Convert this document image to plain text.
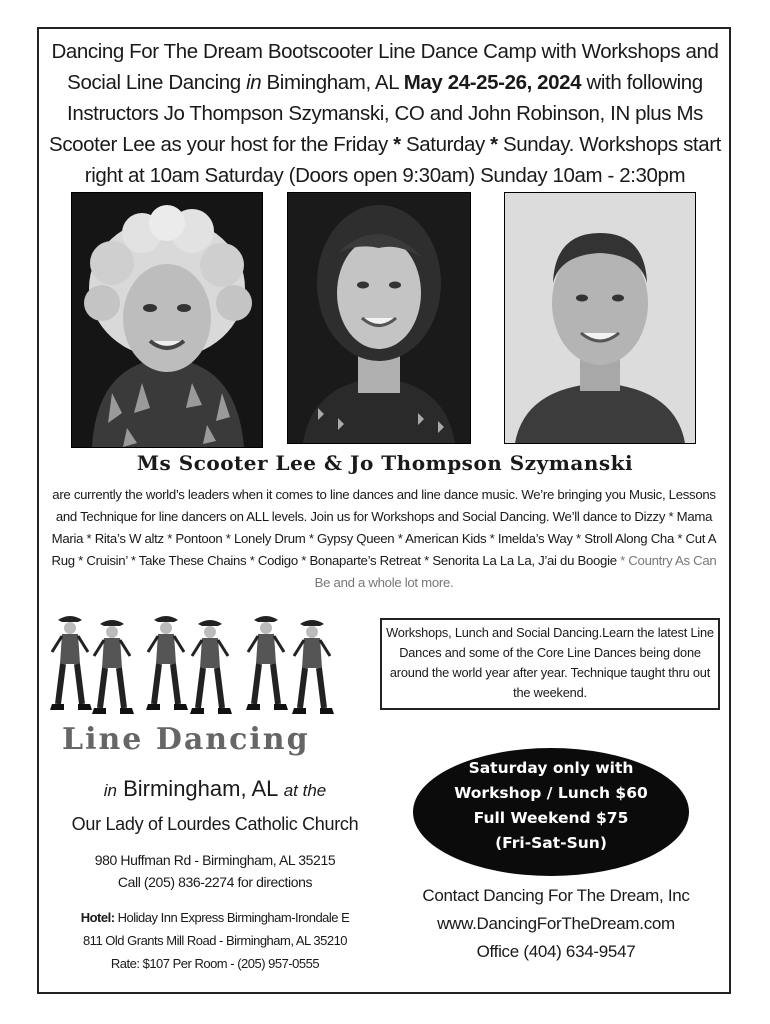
Dancing For The Dream Bootscooter Line Dance Camp with Workshops and Social Line Dancing in Bimingham, AL May 24-25-26, 2024 with following Instructors Jo Thompson Szymanski, CO and John Robinson, IN plus Ms Scooter Lee as your host for the Friday * Saturday * Sunday. Workshops start right at 10am Saturday (Doors open 9:30am) Sunday 10am - 2:30pm
Ms Scooter Lee & Jo Thompson Szymanski
are currently the world’s leaders when it comes to line dances and line dance music. We’re bringing you Music, Lessons and Technique for line dancers on ALL levels. Join us for Workshops and Social Dancing. We’ll dance to Dizzy * Mama Maria * Rita’s W altz * Pontoon * Lonely Drum * Gypsy Queen * American Kids * Imelda’s Way * Stroll Along Cha * Cut A Rug * Cruisin’ * Take These Chains * Codigo * Bonaparte’s Retreat * Senorita La La La, J’ai du Boogie * Country As Can Be and a whole lot more.
Line Dancing
in Birmingham, AL at the
Our Lady of Lourdes Catholic Church
980 Huffman Rd - Birmingham, AL 35215
Call (205) 836-2274 for directions
Hotel: Holiday Inn Express Birmingham-Irondale E
811 Old Grants Mill Road - Birmingham, AL 35210
Rate: $107 Per Room - (205) 957-0555
Workshops, Lunch and Social Dancing.Learn the latest Line Dances and some of the Core Line Dances being done around the world year after year. Technique taught thru out the weekend.
Saturday only with
Workshop / Lunch $60
Full Weekend $75
(Fri-Sat-Sun)
Contact Dancing For The Dream, Inc
www.DancingForTheDream.com
Office (404) 634-9547
